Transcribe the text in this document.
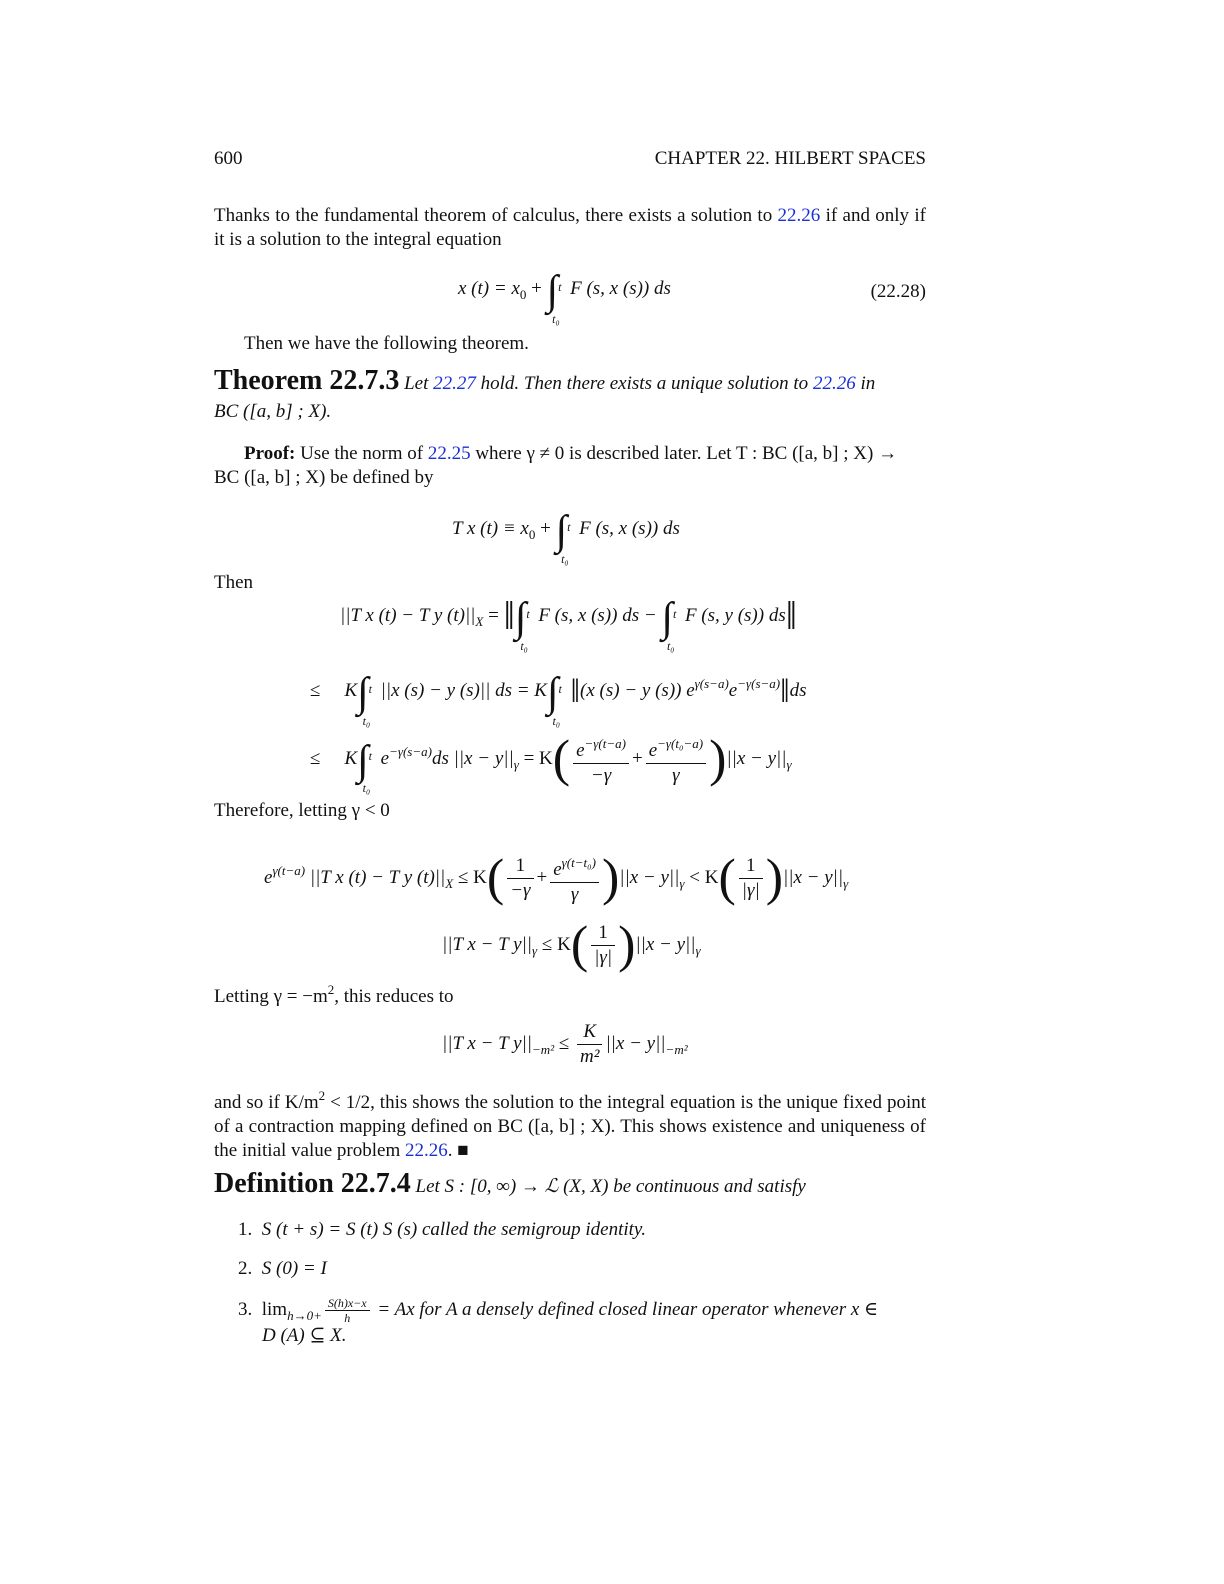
600	CHAPTER 22. HILBERT SPACES
Thanks to the fundamental theorem of calculus, there exists a solution to 22.26 if and only if it is a solution to the integral equation
x $(t) = x_0$ + ∫ t
t₀
F (s, x (s)) ds	(22.28)
Then we have the following theorem.
Theorem 22.7.3 Let 22.27 hold. Then there exists a unique solution to 22.26 in
BC ([a, b] ; X).
Proof: Use the norm of 22.25 where γ ≠ 0 is described later. Let T : BC ([a, b] ; X) →
BC ([a, b] ; X) be defined by
T x $(t) \equiv x_0$ + ∫ t
t₀
F (s, x (s)) ds
Then
||T x (t) − T y $(t)||_X$ = ‖∫ t
t₀
F (s, x (s)) ds − ∫ t
t₀
F (s, y (s)) ds‖
≤ K∫ t
t₀
||x (s) − y (s)|| ds = K∫ t
t₀
‖(x (s) − y (s)) $e^{\gamma(s-a)}e^{-\gamma(s-a)}‖ds$
≤ K∫ t
t₀
$e^{-\gamma(s-a)}ds$ $||x - y||_\gamma = K( \frac{e^{-\gamma(t-a)}}{-\gamma} + \frac{e^{-\gamma(t_0-a)}}{\gamma} )||x - y||_\gamma$
Therefore, letting γ < 0
$e^{\gamma(t-a)}$ ||T x (t) − T y $(t)||_X \le K( \frac{1}{-\gamma} + \frac{e^{\gamma(t-t_0)}}{\gamma} )||x - y||_\gamma < K( \frac{1}{|\gamma|} )||x - y||_\gamma$
||T x − T $y||_\gamma \le K( \frac{1}{|\gamma|} )||x - y||_\gamma$
Letting $\gamma = -m^2$, this reduces to
||T x − T $y||_{-m^2} \le \frac{K}{\text{m²}} ||x - y||_{-m^2}$
and so if $K/m^2 < 1/2$, this shows the solution to the integral equation is the unique fixed point of a contraction mapping defined on BC ([a, b] ; X). This shows existence and uniqueness of the initial value problem 22.26. ■
Definition 22.7.4 Let S : [0, ∞) → ℒ (X, X) be continuous and satisfy
1. S (t + s) = S (t) S (s) called the semigroup identity.
2. S (0) = I
3. $\lim_{h\to 0+} \frac{S(h)x-x}{h} = Ax$ for A a densely defined closed linear operator whenever x ∈
D (A) ⊆ X.
